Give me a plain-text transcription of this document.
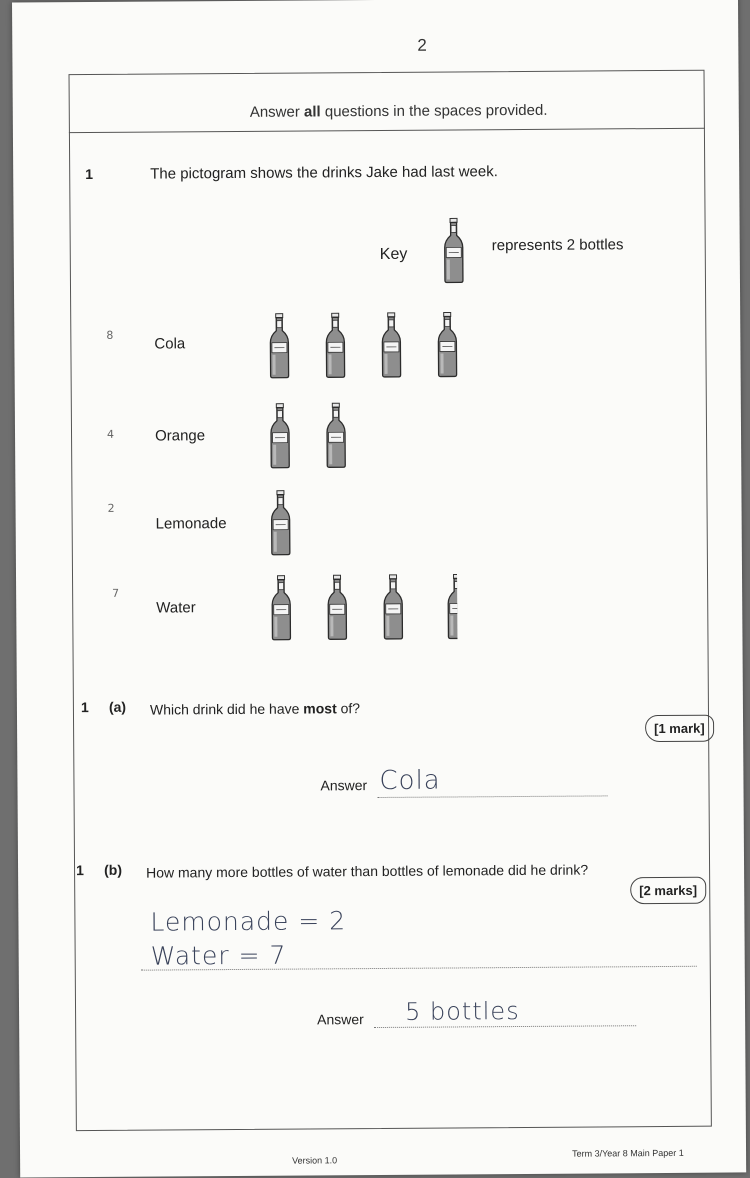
2
Answer all questions in the spaces provided.
1	The pictogram shows the drinks Jake had last week.
Key
represents 2 bottles
8	Cola
4	Orange
2
Lemonade
7
Water
1 (a) Which drink did he have most of?
[1 mark]
Answer Cola
1 (b) How many more bottles of water than bottles of lemonade did he drink?
[2 marks]
Lemonade = 2
Water = 7
Answer 5 bottles
Version 1.0
Term 3/Year 8 Main Paper 1
